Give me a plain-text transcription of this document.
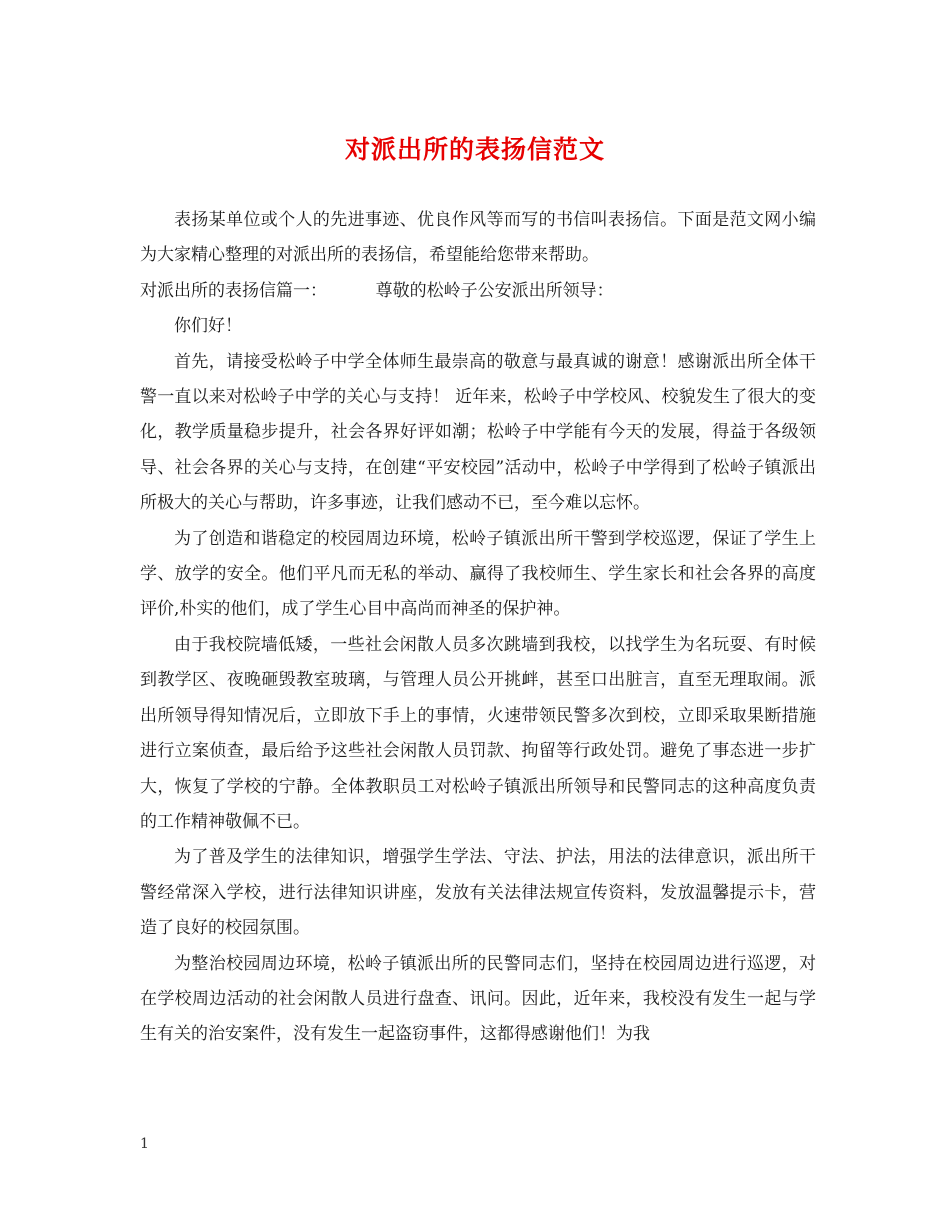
对派出所的表扬信范文

表扬某单位或个人的先进事迹、优良作风等而写的书信叫表扬信。下面是范文网小编为大家精心整理的对派出所的表扬信，希望能给您带来帮助。

对派出所的表扬信篇一：	尊敬的松岭子公安派出所领导：

你们好！

首先，请接受松岭子中学全体师生最崇高的敬意与最真诚的谢意！感谢派出所全体干警一直以来对松岭子中学的关心与支持！ 近年来，松岭子中学校风、校貌发生了很大的变化，教学质量稳步提升，社会各界好评如潮；松岭子中学能有今天的发展，得益于各级领导、社会各界的关心与支持，在创建“平安校园”活动中，松岭子中学得到了松岭子镇派出所极大的关心与帮助，许多事迹，让我们感动不已，至今难以忘怀。

为了创造和谐稳定的校园周边环境，松岭子镇派出所干警到学校巡逻，保证了学生上学、放学的安全。他们平凡而无私的举动、赢得了我校师生、学生家长和社会各界的高度评价,朴实的他们，成了学生心目中高尚而神圣的保护神。

由于我校院墙低矮，一些社会闲散人员多次跳墙到我校，以找学生为名玩耍、有时候到教学区、夜晚砸毁教室玻璃，与管理人员公开挑衅，甚至口出脏言，直至无理取闹。派出所领导得知情况后，立即放下手上的事情，火速带领民警多次到校，立即采取果断措施进行立案侦查，最后给予这些社会闲散人员罚款、拘留等行政处罚。避免了事态进一步扩大，恢复了学校的宁静。全体教职员工对松岭子镇派出所领导和民警同志的这种高度负责的工作精神敬佩不已。

为了普及学生的法律知识，增强学生学法、守法、护法，用法的法律意识，派出所干警经常深入学校，进行法律知识讲座，发放有关法律法规宣传资料，发放温馨提示卡，营造了良好的校园氛围。

为整治校园周边环境，松岭子镇派出所的民警同志们，坚持在校园周边进行巡逻，对在学校周边活动的社会闲散人员进行盘查、讯问。因此，近年来，我校没有发生一起与学生有关的治安案件，没有发生一起盗窃事件，这都得感谢他们！为我

1
